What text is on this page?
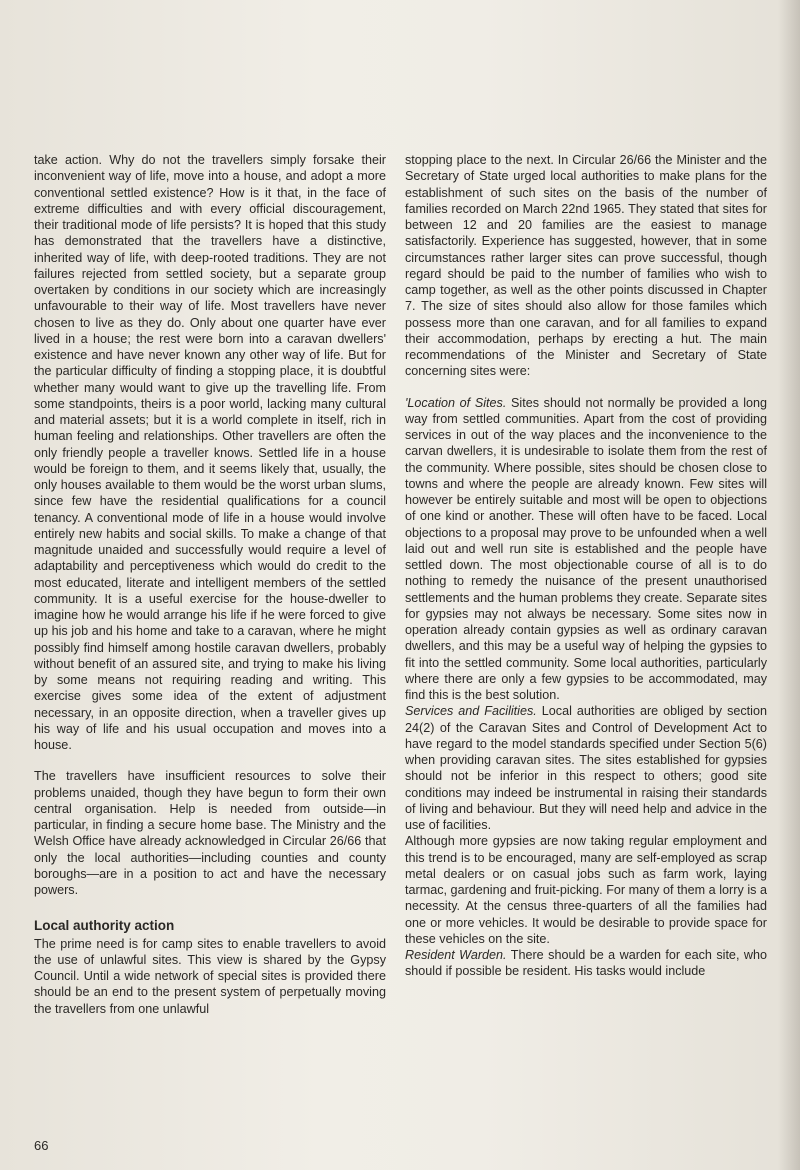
take action. Why do not the travellers simply forsake their inconvenient way of life, move into a house, and adopt a more conventional settled existence? How is it that, in the face of extreme difficulties and with every official discouragement, their traditional mode of life persists? It is hoped that this study has demonstrated that the travellers have a distinctive, inherited way of life, with deep-rooted traditions. They are not failures rejected from settled society, but a separate group overtaken by conditions in our society which are increasingly unfavourable to their way of life. Most travellers have never chosen to live as they do. Only about one quarter have ever lived in a house; the rest were born into a caravan dwellers' existence and have never known any other way of life. But for the particular difficulty of finding a stopping place, it is doubtful whether many would want to give up the travelling life. From some standpoints, theirs is a poor world, lacking many cultural and material assets; but it is a world complete in itself, rich in human feeling and relationships. Other travellers are often the only friendly people a traveller knows. Settled life in a house would be foreign to them, and it seems likely that, usually, the only houses available to them would be the worst urban slums, since few have the residential qualifications for a council tenancy. A conventional mode of life in a house would involve entirely new habits and social skills. To make a change of that magnitude unaided and successfully would require a level of adaptability and perceptiveness which would do credit to the most educated, literate and intelligent members of the settled community. It is a useful exercise for the house-dweller to imagine how he would arrange his life if he were forced to give up his job and his home and take to a caravan, where he might possibly find himself among hostile caravan dwellers, probably without benefit of an assured site, and trying to make his living by some means not requiring reading and writing. This exercise gives some idea of the extent of adjustment necessary, in an opposite direction, when a traveller gives up his way of life and his usual occupation and moves into a house.

The travellers have insufficient resources to solve their problems unaided, though they have begun to form their own central organisation. Help is needed from outside—in particular, in finding a secure home base. The Ministry and the Welsh Office have already acknowledged in Circular 26/66 that only the local authorities—including counties and county boroughs—are in a position to act and have the necessary powers.

Local authority action

The prime need is for camp sites to enable travellers to avoid the use of unlawful sites. This view is shared by the Gypsy Council. Until a wide network of special sites is provided there should be an end to the present system of perpetually moving the travellers from one unlawful

stopping place to the next. In Circular 26/66 the Minister and the Secretary of State urged local authorities to make plans for the establishment of such sites on the basis of the number of families recorded on March 22nd 1965. They stated that sites for between 12 and 20 families are the easiest to manage satisfactorily. Experience has suggested, however, that in some circumstances rather larger sites can prove successful, though regard should be paid to the number of families who wish to camp together, as well as the other points discussed in Chapter 7. The size of sites should also allow for those familes which possess more than one caravan, and for all families to expand their accommodation, perhaps by erecting a hut. The main recommendations of the Minister and Secretary of State concerning sites were:

'Location of Sites. Sites should not normally be provided a long way from settled communities. Apart from the cost of providing services in out of the way places and the inconvenience to the carvan dwellers, it is undesirable to isolate them from the rest of the community. Where possible, sites should be chosen close to towns and where the people are already known. Few sites will however be entirely suitable and most will be open to objections of one kind or another. These will often have to be faced. Local objections to a proposal may prove to be unfounded when a well laid out and well run site is established and the people have settled down. The most objectionable course of all is to do nothing to remedy the nuisance of the present unauthorised settlements and the human problems they create. Separate sites for gypsies may not always be necessary. Some sites now in operation already contain gypsies as well as ordinary caravan dwellers, and this may be a useful way of helping the gypsies to fit into the settled community. Some local authorities, particularly where there are only a few gypsies to be accommodated, may find this is the best solution.

Services and Facilities. Local authorities are obliged by section 24(2) of the Caravan Sites and Control of Development Act to have regard to the model standards specified under Section 5(6) when providing caravan sites. The sites established for gypsies should not be inferior in this respect to others; good site conditions may indeed be instrumental in raising their standards of living and behaviour. But they will need help and advice in the use of facilities.

Although more gypsies are now taking regular employment and this trend is to be encouraged, many are self-employed as scrap metal dealers or on casual jobs such as farm work, laying tarmac, gardening and fruit-picking. For many of them a lorry is a necessity. At the census three-quarters of all the families had one or more vehicles. It would be desirable to provide space for these vehicles on the site.

Resident Warden. There should be a warden for each site, who should if possible be resident. His tasks would include

66
